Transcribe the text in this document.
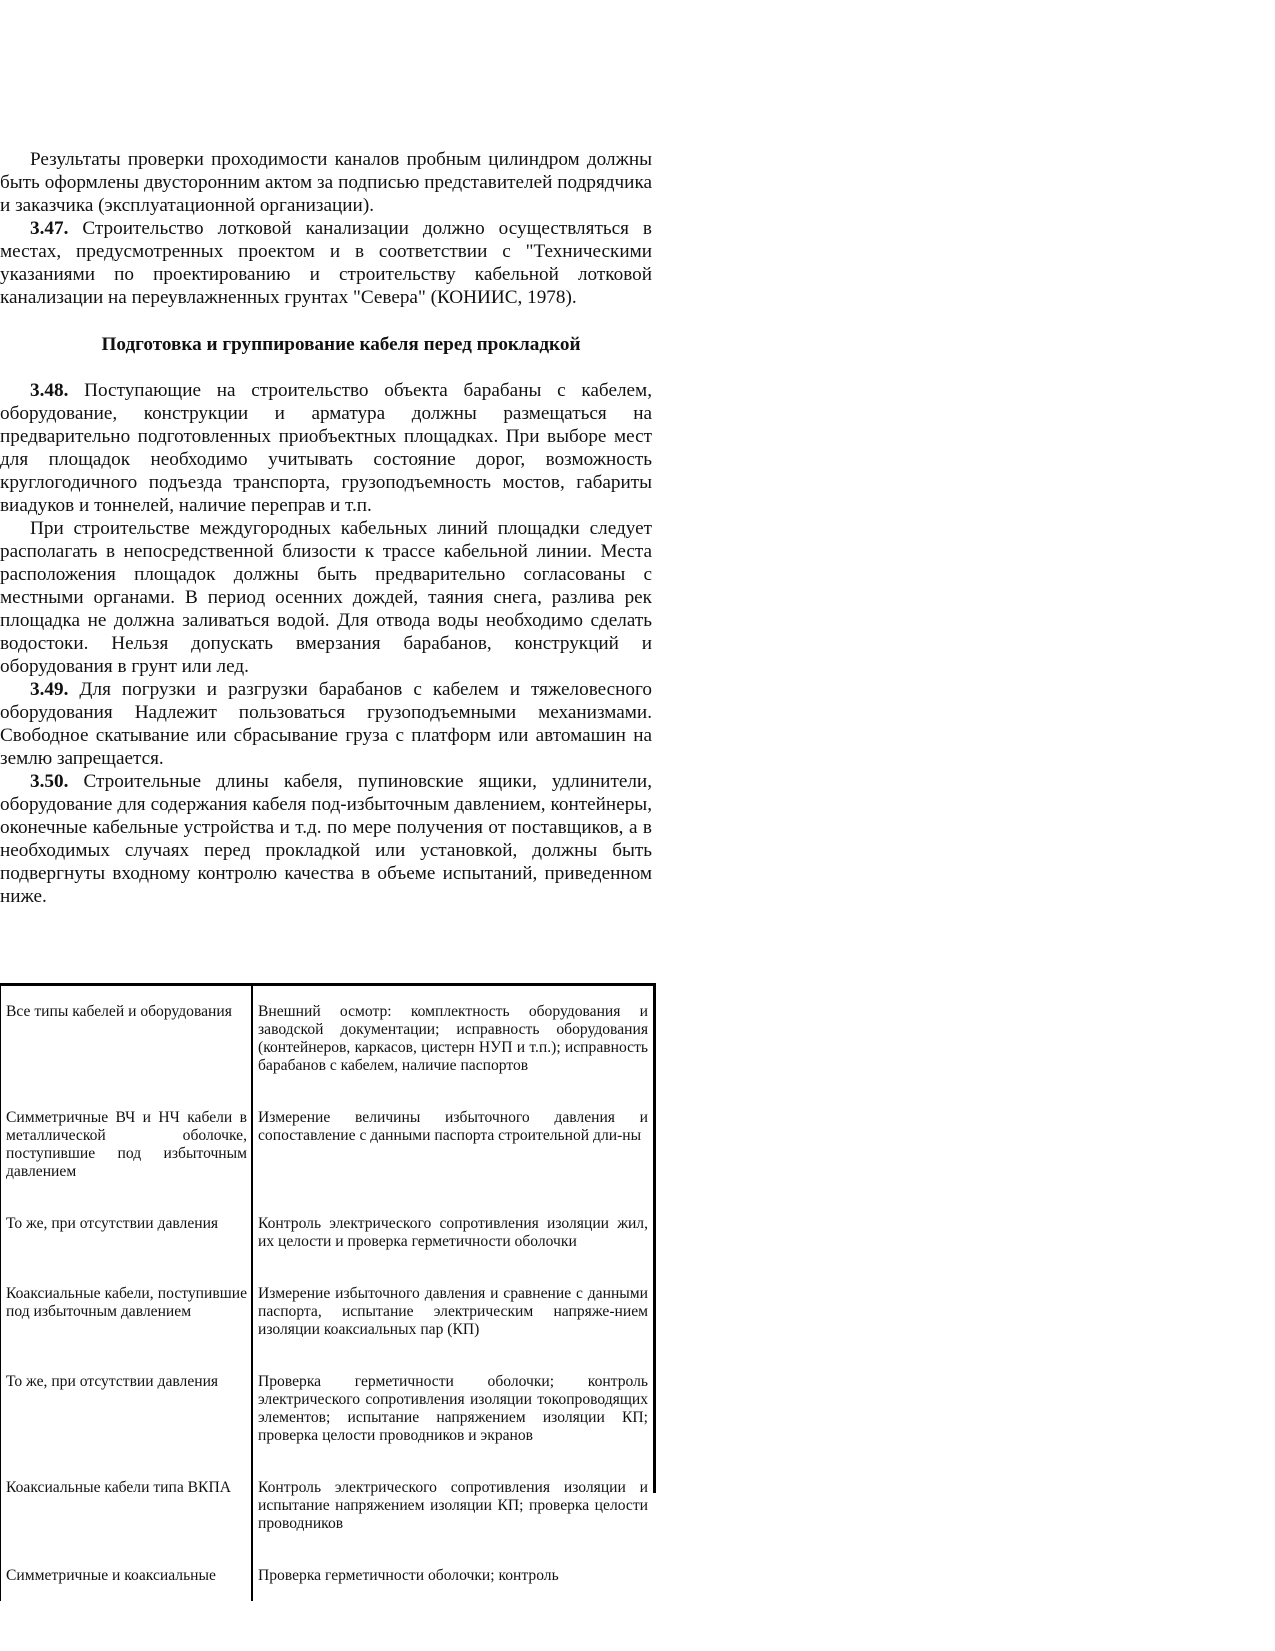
Результаты проверки проходимости каналов пробным цилиндром должны быть оформлены двусторонним актом за подписью представителей подрядчика и заказчика (эксплуатационной организации).

3.47. Строительство лотковой канализации должно осуществляться в местах, предусмотренных проектом и в соответствии с "Техническими указаниями по проектированию и строительству кабельной лотковой канализации на переувлажненных грунтах "Севера" (КОНИИС, 1978).

Подготовка и группирование кабеля перед прокладкой

3.48. Поступающие на строительство объекта барабаны с кабелем, оборудование, конструкции и арматура должны размещаться на предварительно подготовленных приобъектных площадках. При выборе мест для площадок необходимо учитывать состояние дорог, возможность круглогодичного подъезда транспорта, грузоподъемность мостов, габариты виадуков и тоннелей, наличие переправ и т.п.

При строительстве междугородных кабельных линий площадки следует располагать в непосредственной близости к трассе кабельной линии. Места расположения площадок должны быть предварительно согласованы с местными органами. В период осенних дождей, таяния снега, разлива рек площадка не должна заливаться водой. Для отвода воды необходимо сделать водостоки. Нельзя допускать вмерзания барабанов, конструкций и оборудования в грунт или лед.

3.49. Для погрузки и разгрузки барабанов с кабелем и тяжеловесного оборудования Надлежит пользоваться грузоподъемными механизмами. Свободное скатывание или сбрасывание груза с платформ или автомашин на землю запрещается.

3.50. Строительные длины кабеля, пупиновские ящики, удлинители, оборудование для содержания кабеля под-избыточным давлением, контейнеры, оконечные кабельные устройства и т.д. по мере получения от поставщиков, а в необходимых случаях перед прокладкой или установкой, должны быть подвергнуты входному контролю качества в объеме испытаний, приведенном ниже.

Все типы кабелей и оборудования	Внешний осмотр: комплектность оборудования и заводской документации; исправность оборудования (контейнеров, каркасов, цистерн НУП и т.п.); исправность барабанов с кабелем, наличие паспортов
Симметричные ВЧ и НЧ кабели в металлической оболочке, поступившие под избыточным давлением	Измерение величины избыточного давления и сопоставление с данными паспорта строительной дли-ны
То же, при отсутствии давления	Контроль электрического сопротивления изоляции жил, их целости и проверка герметичности оболочки
Коаксиальные кабели, поступившие под избыточным давлением	Измерение избыточного давления и сравнение с данными паспорта, испытание электрическим напряже-нием изоляции коаксиальных пар (КП)
То же, при отсутствии давления	Проверка герметичности оболочки; контроль электрического сопротивления изоляции токопроводящих элементов; испытание напряжением изоляции КП; проверка целости проводников и экранов
Коаксиальные кабели типа ВКПА	Контроль электрического сопротивления изоляции и испытание напряжением изоляции КП; проверка целости проводников
Симметричные и коаксиальные	Проверка герметичности оболочки; контроль
